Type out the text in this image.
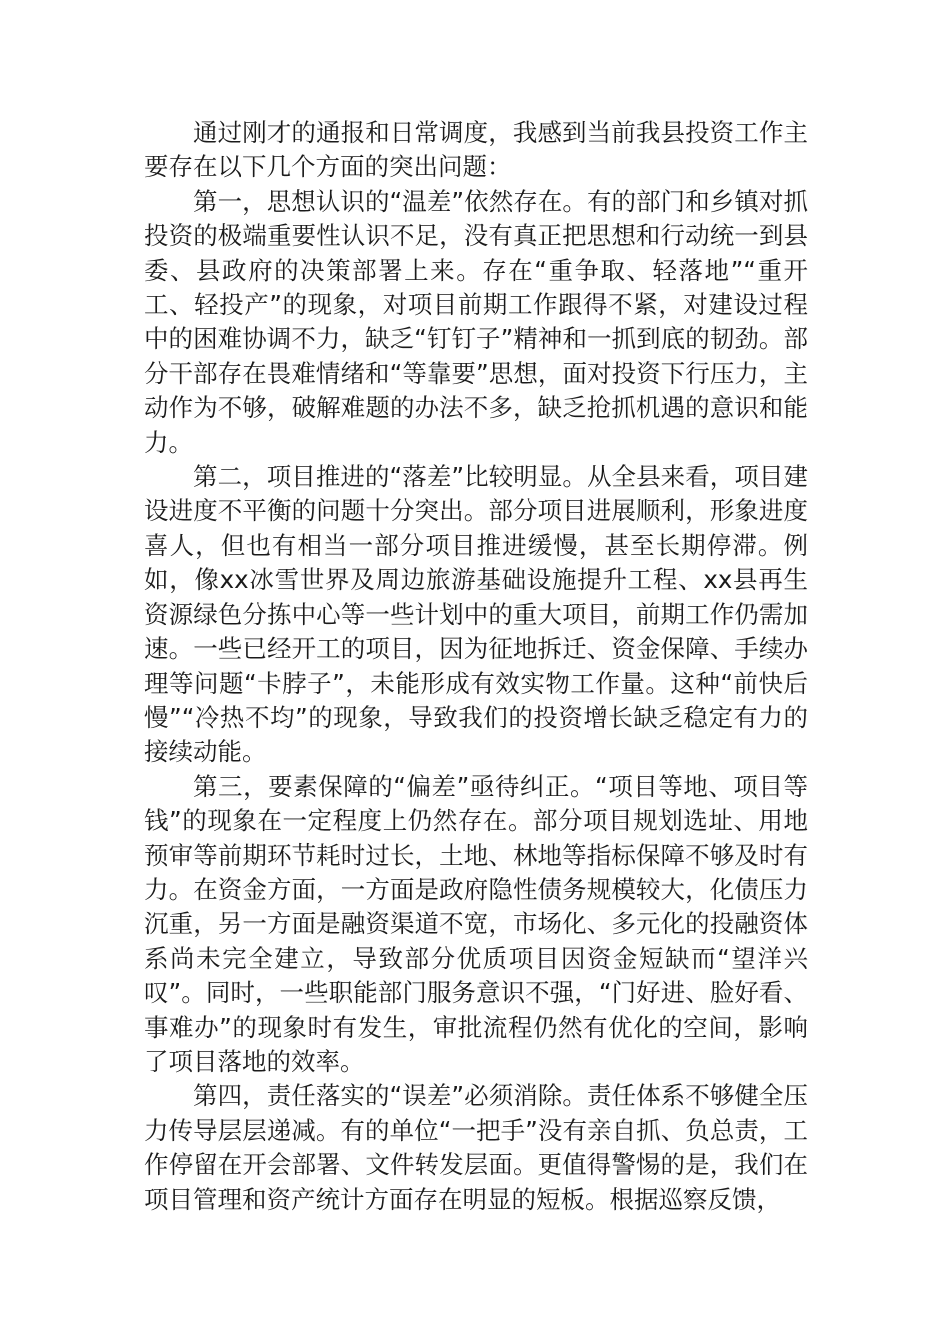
通过刚才的通报和日常调度，我感到当前我县投资工作主要存在以下几个方面的突出问题：

第一，思想认识的“温差”依然存在。有的部门和乡镇对抓投资的极端重要性认识不足，没有真正把思想和行动统一到县委、县政府的决策部署上来。存在“重争取、轻落地”“重开工、轻投产”的现象，对项目前期工作跟得不紧，对建设过程中的困难协调不力，缺乏“钉钉子”精神和一抓到底的韧劲。部分干部存在畏难情绪和“等靠要”思想，面对投资下行压力，主动作为不够，破解难题的办法不多，缺乏抢抓机遇的意识和能力。

第二，项目推进的“落差”比较明显。从全县来看，项目建设进度不平衡的问题十分突出。部分项目进展顺利，形象进度喜人，但也有相当一部分项目推进缓慢，甚至长期停滞。例如，像xx冰雪世界及周边旅游基础设施提升工程、xx县再生资源绿色分拣中心等一些计划中的重大项目，前期工作仍需加速。一些已经开工的项目，因为征地拆迁、资金保障、手续办理等问题“卡脖子”，未能形成有效实物工作量。这种“前快后慢”“冷热不均”的现象，导致我们的投资增长缺乏稳定有力的接续动能。

第三，要素保障的“偏差”亟待纠正。“项目等地、项目等钱”的现象在一定程度上仍然存在。部分项目规划选址、用地预审等前期环节耗时过长，土地、林地等指标保障不够及时有力。在资金方面，一方面是政府隐性债务规模较大，化债压力沉重，另一方面是融资渠道不宽，市场化、多元化的投融资体系尚未完全建立，导致部分优质项目因资金短缺而“望洋兴叹”。同时，一些职能部门服务意识不强，“门好进、脸好看、事难办”的现象时有发生，审批流程仍然有优化的空间，影响了项目落地的效率。

第四，责任落实的“误差”必须消除。责任体系不够健全压力传导层层递减。有的单位“一把手”没有亲自抓、负总责，工作停留在开会部署、文件转发层面。更值得警惕的是，我们在项目管理和资产统计方面存在明显的短板。根据巡察反馈，
